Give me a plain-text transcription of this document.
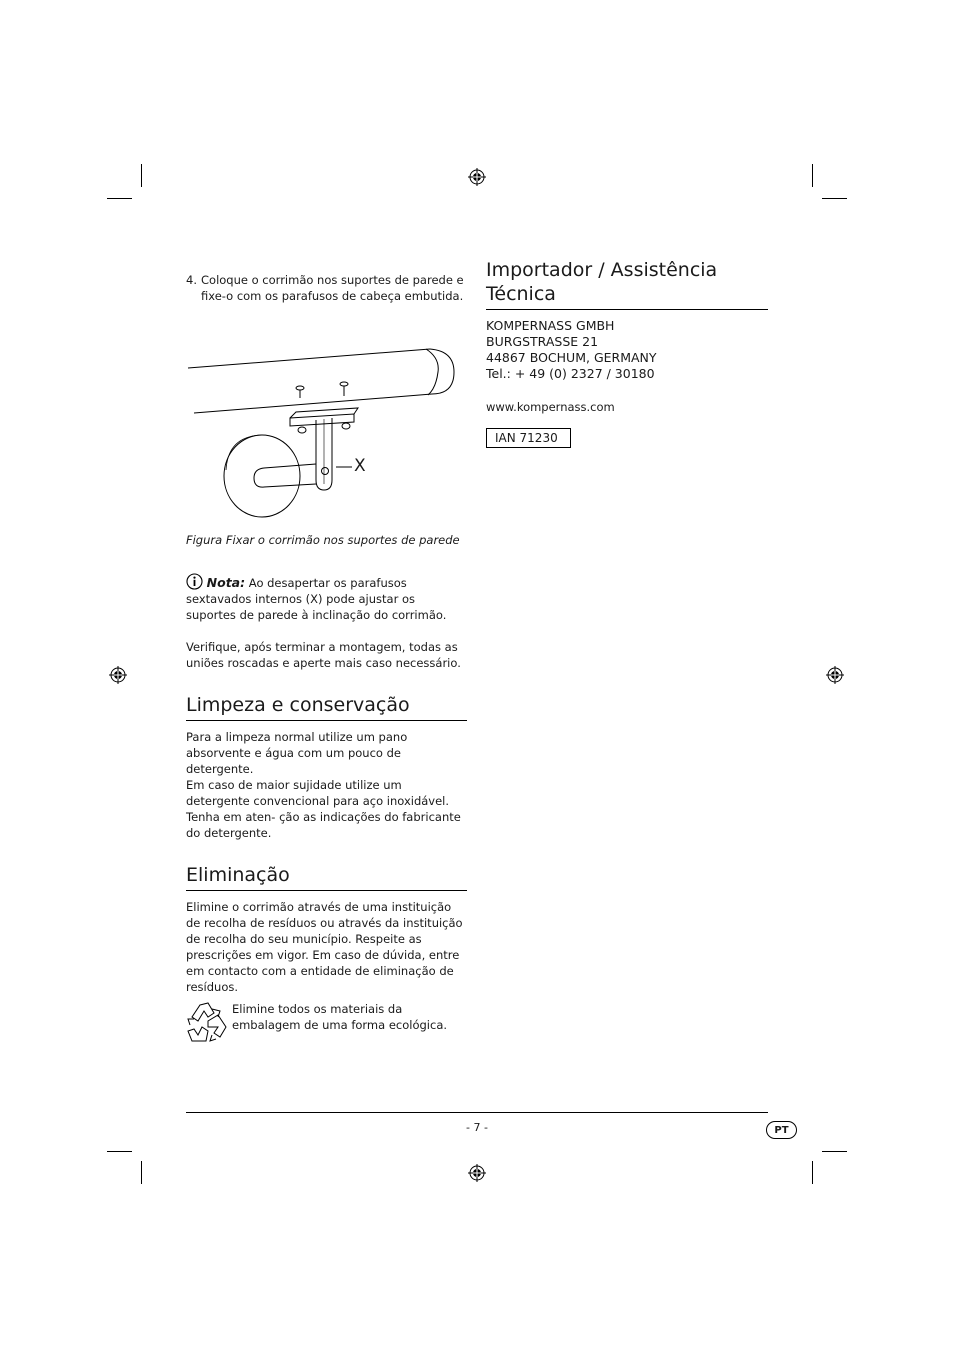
4. Coloque o corrimão nos suportes de parede e fixe-o com os parafusos de cabeça embutida.
X

Figura Fixar o corrimão nos suportes de parede

Nota: Ao desapertar os parafusos sextavados internos (X) pode ajustar os suportes de parede à inclinação do corrimão.

Verifique, após terminar a montagem, todas as uniões roscadas e aperte mais caso necessário.

Limpeza e conservação

Para a limpeza normal utilize um pano absorvente e água com um pouco de detergente.

Em caso de maior sujidade utilize um detergente convencional para aço inoxidável. Tenha em aten- ção as indicações do fabricante do detergente.

Eliminação

Elimine o corrimão através de uma instituição de recolha de resíduos ou através da instituição de recolha do seu município. Respeite as prescrições em vigor. Em caso de dúvida, entre em contacto com a entidade de eliminação de resíduos.

Elimine todos os materiais da embalagem de uma forma ecológica.

Importador / Assistência Técnica
KOMPERNASS GMBH
BURGSTRASSE 21
44867 BOCHUM, GERMANY
Tel.: + 49 (0) 2327 / 30180
www.kompernass.com
IAN 71230
- 7 -	PT
